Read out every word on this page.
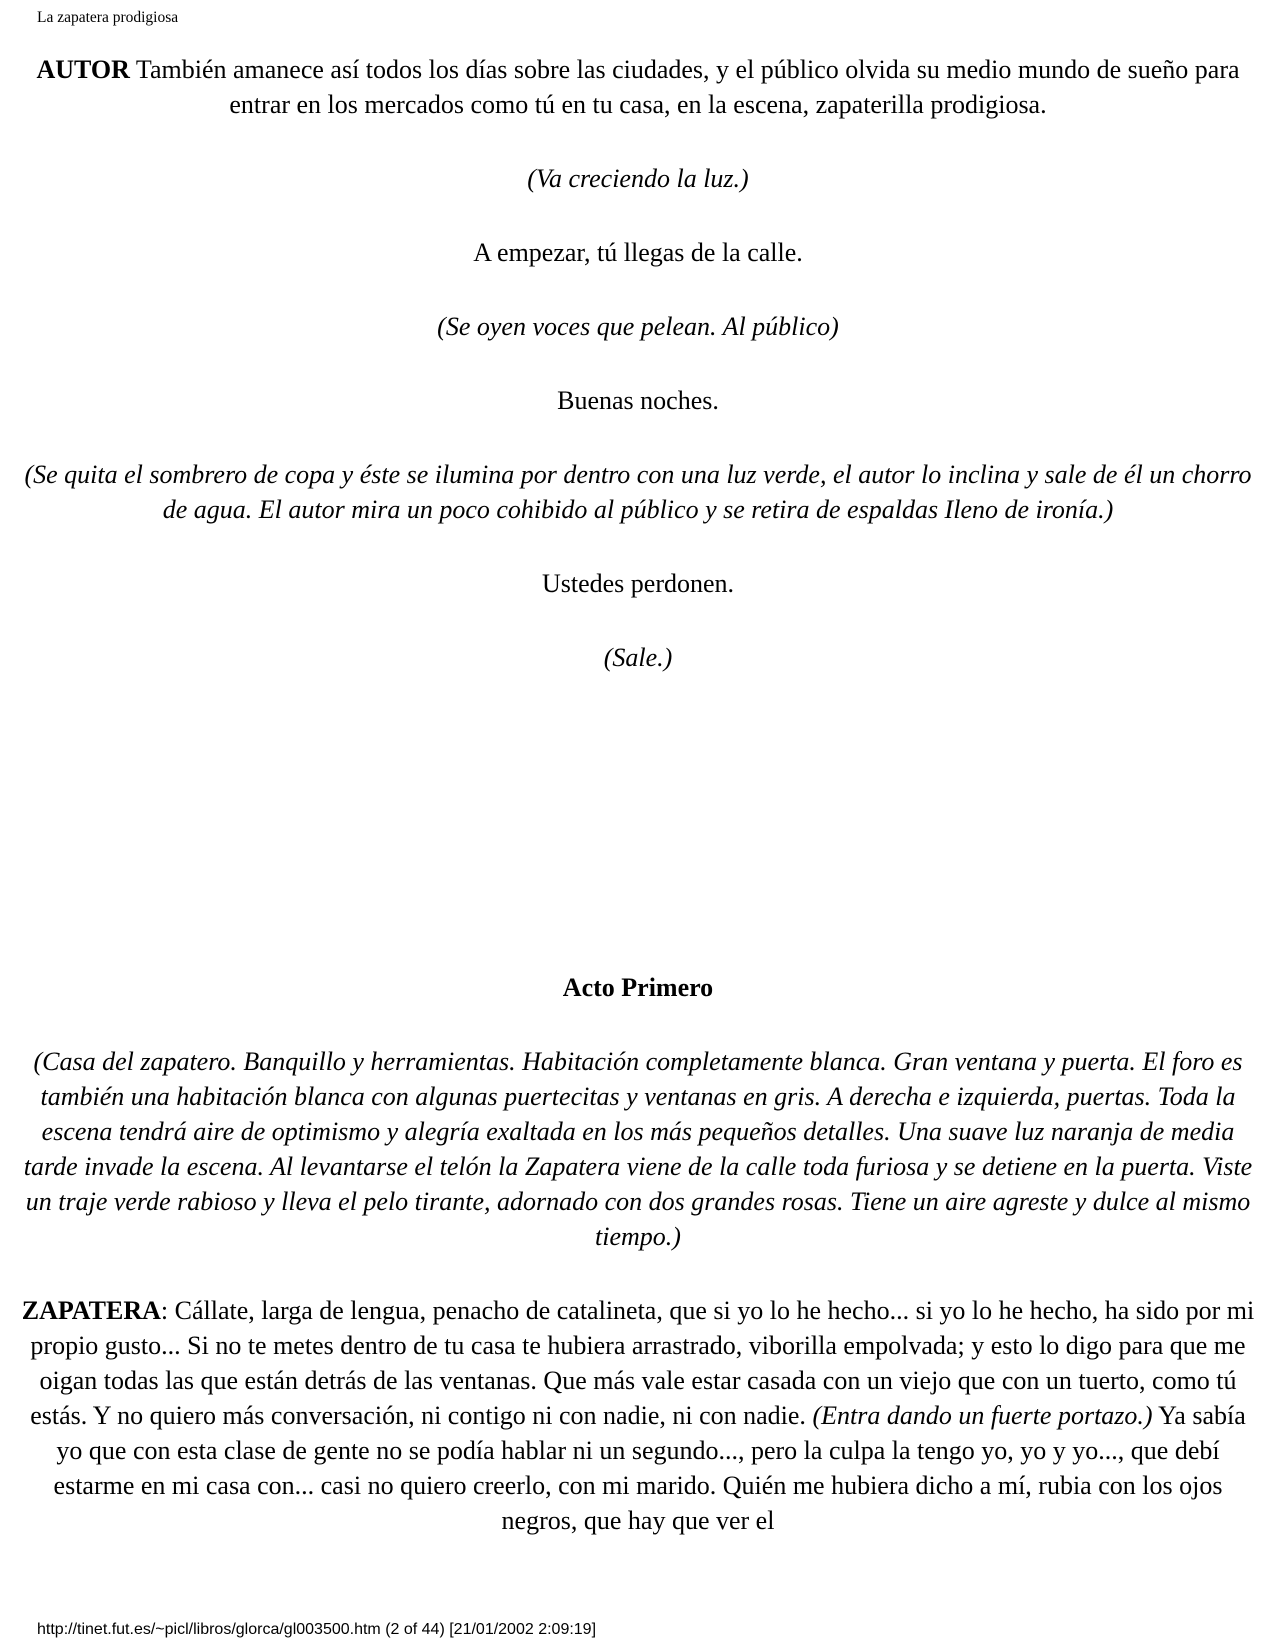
La zapatera prodigiosa

AUTOR También amanece así todos los días sobre las ciudades, y el público olvida su medio mundo de sueño para entrar en los mercados como tú en tu casa, en la escena, zapaterilla prodigiosa.

(Va creciendo la luz.)

A empezar, tú llegas de la calle.

(Se oyen voces que pelean. Al público)

Buenas noches.

(Se quita el sombrero de copa y éste se ilumina por dentro con una luz verde, el autor lo inclina y sale de él un chorro de agua. El autor mira un poco cohibido al público y se retira de espaldas Ileno de ironía.)

Ustedes perdonen.

(Sale.)

Acto Primero

(Casa del zapatero. Banquillo y herramientas. Habitación completamente blanca. Gran ventana y puerta. El foro es también una habitación blanca con algunas puertecitas y ventanas en gris. A derecha e izquierda, puertas. Toda la escena tendrá aire de optimismo y alegría exaltada en los más pequeños detalles. Una suave luz naranja de media tarde invade la escena. Al levantarse el telón la Zapatera viene de la calle toda furiosa y se detiene en la puerta. Viste un traje verde rabioso y lleva el pelo tirante, adornado con dos grandes rosas. Tiene un aire agreste y dulce al mismo tiempo.)

ZAPATERA: Cállate, larga de lengua, penacho de catalineta, que si yo lo he hecho... si yo lo he hecho, ha sido por mi propio gusto... Si no te metes dentro de tu casa te hubiera arrastrado, viborilla empolvada; y esto lo digo para que me oigan todas las que están detrás de las ventanas. Que más vale estar casada con un viejo que con un tuerto, como tú estás. Y no quiero más conversación, ni contigo ni con nadie, ni con nadie. (Entra dando un fuerte portazo.) Ya sabía yo que con esta clase de gente no se podía hablar ni un segundo..., pero la culpa la tengo yo, yo y yo..., que debí estarme en mi casa con... casi no quiero creerlo, con mi marido. Quién me hubiera dicho a mí, rubia con los ojos negros, que hay que ver el

http://tinet.fut.es/~picl/libros/glorca/gl003500.htm (2 of 44) [21/01/2002 2:09:19]
